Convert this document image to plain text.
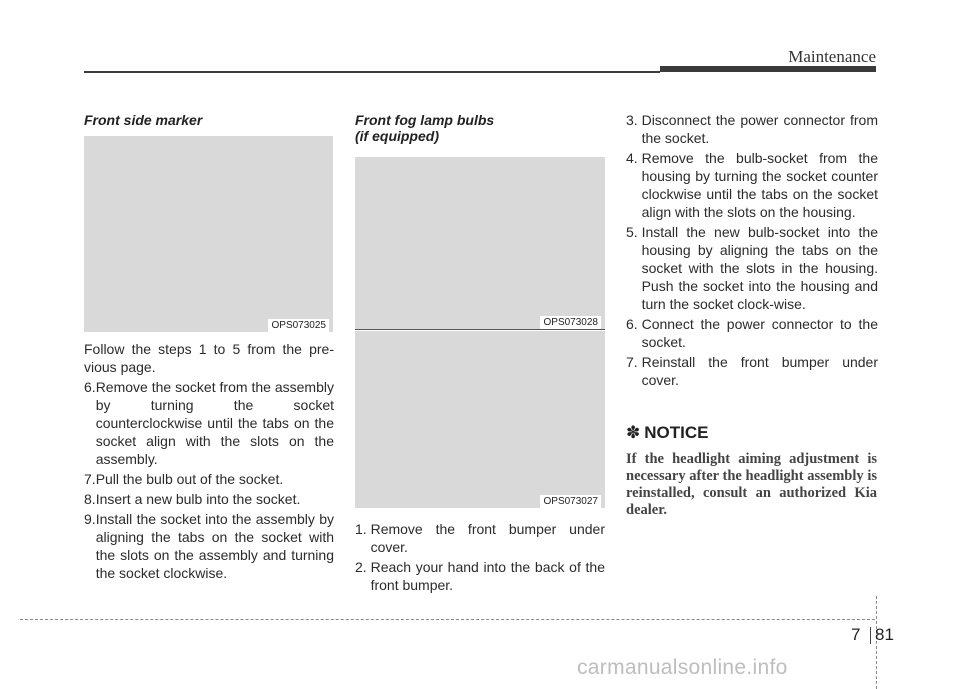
Maintenance
Front side marker
OPS073025

Follow the steps 1 to 5 from the pre-vious page.

6. Remove the socket from the assembly by turning the socket counterclockwise until the tabs on the socket align with the slots on the assembly.
7. Pull the bulb out of the socket.
8. Insert a new bulb into the socket.
9. Install the socket into the assembly by aligning the tabs on the socket with the slots on the assembly and turning the socket clockwise.
Front fog lamp bulbs
(if equipped)
OPS073028
OPS073027
1. Remove the front bumper under cover.
2. Reach your hand into the back of the front bumper.
3. Disconnect the power connector from the socket.
4. Remove the bulb-socket from the housing by turning the socket counter clockwise until the tabs on the socket align with the slots on the housing.
5. Install the new bulb-socket into the housing by aligning the tabs on the socket with the slots in the housing. Push the socket into the housing and turn the socket clock-wise.
6. Connect the power connector to the socket.
7. Reinstall the front bumper under cover.
✽ NOTICE
If the headlight aiming adjustment is necessary after the headlight assembly is reinstalled, consult an authorized Kia dealer.
7 81
carmanualsonline.info
